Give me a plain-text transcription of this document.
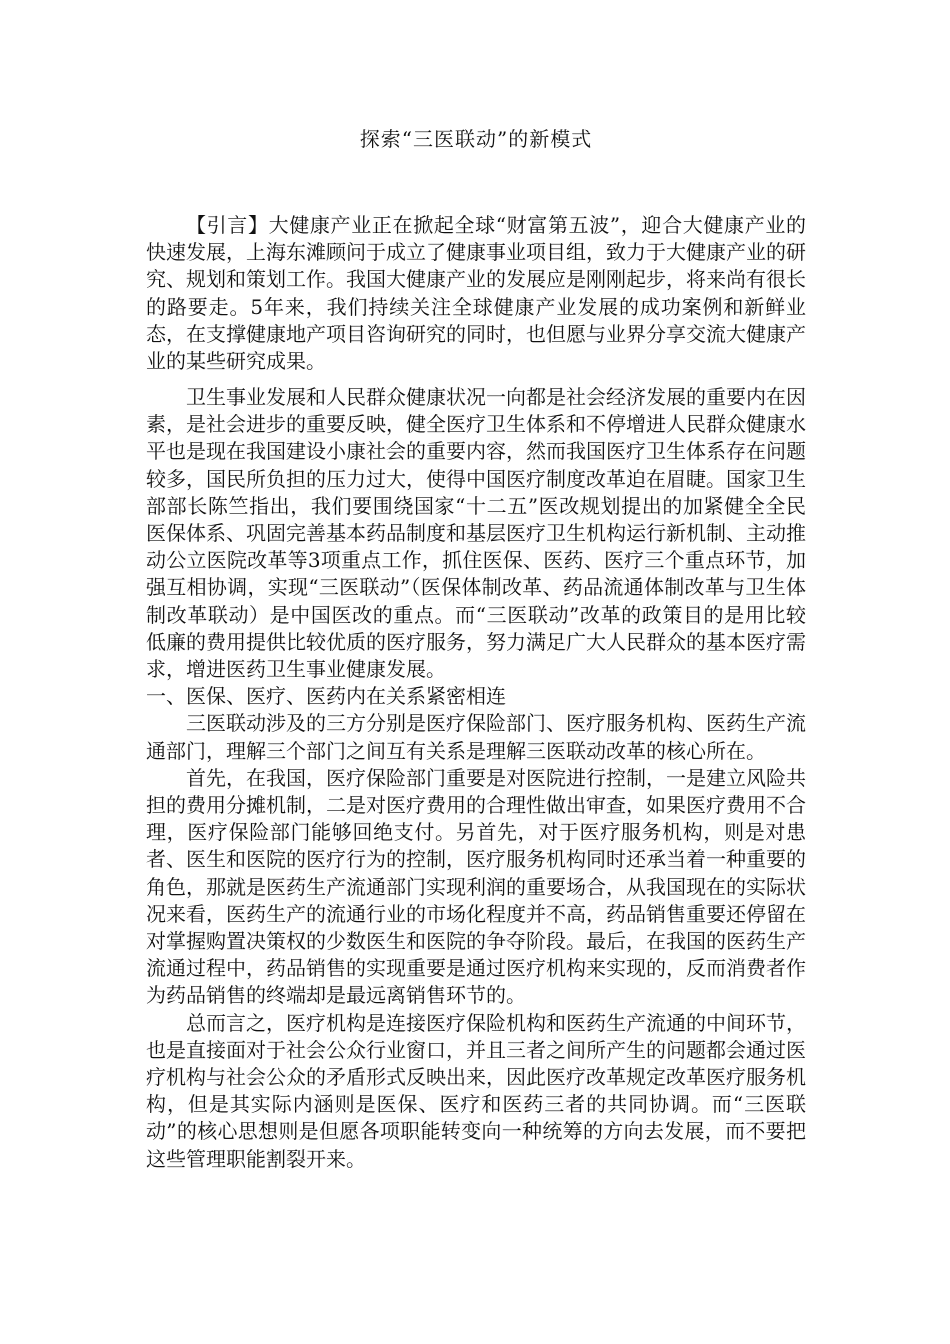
探索“三医联动”的新模式

【引言】大健康产业正在掀起全球“财富第五波”，迎合大健康产业的快速发展，上海东滩顾问于成立了健康事业项目组，致力于大健康产业的研究、规划和策划工作。我国大健康产业的发展应是刚刚起步，将来尚有很长的路要走。5年来，我们持续关注全球健康产业发展的成功案例和新鲜业态，在支撑健康地产项目咨询研究的同时，也但愿与业界分享交流大健康产业的某些研究成果。

卫生事业发展和人民群众健康状况一向都是社会经济发展的重要内在因素，是社会进步的重要反映，健全医疗卫生体系和不停增进人民群众健康水平也是现在我国建设小康社会的重要内容，然而我国医疗卫生体系存在问题较多，国民所负担的压力过大，使得中国医疗制度改革迫在眉睫。国家卫生部部长陈竺指出，我们要围绕国家“十二五”医改规划提出的加紧健全全民医保体系、巩固完善基本药品制度和基层医疗卫生机构运行新机制、主动推动公立医院改革等3项重点工作，抓住医保、医药、医疗三个重点环节，加强互相协调，实现“三医联动”（医保体制改革、药品流通体制改革与卫生体制改革联动）是中国医改的重点。而“三医联动”改革的政策目的是用比较低廉的费用提供比较优质的医疗服务，努力满足广大人民群众的基本医疗需求，增进医药卫生事业健康发展。

一、医保、医疗、医药内在关系紧密相连

三医联动涉及的三方分别是医疗保险部门、医疗服务机构、医药生产流通部门，理解三个部门之间互有关系是理解三医联动改革的核心所在。

首先，在我国，医疗保险部门重要是对医院进行控制，一是建立风险共担的费用分摊机制，二是对医疗费用的合理性做出审查，如果医疗费用不合理，医疗保险部门能够回绝支付。另首先，对于医疗服务机构，则是对患者、医生和医院的医疗行为的控制，医疗服务机构同时还承当着一种重要的角色，那就是医药生产流通部门实现利润的重要场合，从我国现在的实际状况来看，医药生产的流通行业的市场化程度并不高，药品销售重要还停留在对掌握购置决策权的少数医生和医院的争夺阶段。最后，在我国的医药生产流通过程中，药品销售的实现重要是通过医疗机构来实现的，反而消费者作为药品销售的终端却是最远离销售环节的。

总而言之，医疗机构是连接医疗保险机构和医药生产流通的中间环节，也是直接面对于社会公众行业窗口，并且三者之间所产生的问题都会通过医疗机构与社会公众的矛盾形式反映出来，因此医疗改革规定改革医疗服务机构，但是其实际内涵则是医保、医疗和医药三者的共同协调。而“三医联动”的核心思想则是但愿各项职能转变向一种统筹的方向去发展，而不要把这些管理职能割裂开来。
